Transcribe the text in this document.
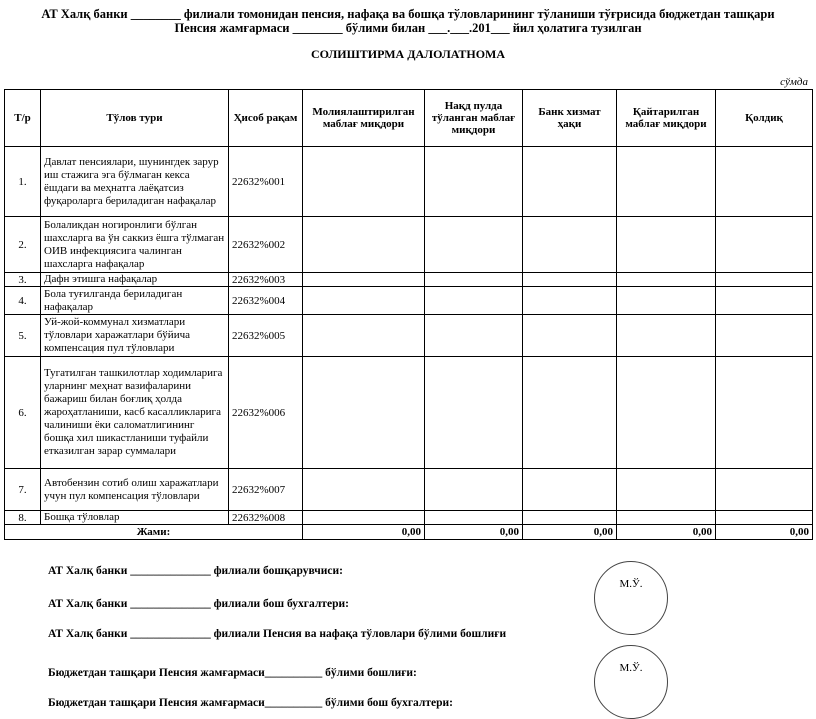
АТ Халқ банки ________ филиали томонидан пенсия, нафақа ва бошқа тўловларининг тўланиши тўғрисида бюджетдан ташқари
Пенсия жамғармаси ________ бўлими билан ___.___.201___ йил ҳолатига тузилган
СОЛИШТИРМА ДАЛОЛАТНОМА
сўмда
Т/р	Тўлов тури	Ҳисоб рақам	Молиялаштирилган маблағ миқдори	Нақд пулда тўланган маблағ миқдори	Банк хизмат ҳақи	Қайтарилган маблағ миқдори	Қолдиқ
1.	Давлат пенсиялари, шунингдек зарур иш стажига эга бўлмаган кекса ёшдаги ва меҳнатга лаёқатсиз фуқароларга бериладиган нафақалар	22632%001					
2.	Болаликдан ногиронлиги бўлган шахсларга ва ўн саккиз ёшга тўлмаган ОИВ инфекциясига чалинган шахсларга нафақалар	22632%002					
3.	Дафн этишга нафақалар	22632%003					
4.	Бола туғилганда бериладиган нафақалар	22632%004					
5.	Уй-жой-коммунал хизматлари тўловлари харажатлари бўйича компенсация пул тўловлари	22632%005					
6.	Тугатилган ташкилотлар ходимларига уларнинг меҳнат вазифаларини бажариш билан боғлиқ ҳолда жароҳатланиши, касб касалликларига чалиниши ёки саломатлигининг бошқа хил шикастланиши туфайли етказилган зарар суммалари	22632%006					
7.	Автобензин сотиб олиш харажатлари учун пул компенсация тўловлари	22632%007					
8.	Бошқа тўловлар	22632%008					
Жами:			0,00	0,00	0,00	0,00	0,00
АТ Халқ банки ______________ филиали бошқарувчиси:
АТ Халқ банки ______________ филиали бош бухгалтери:
АТ Халқ банки ______________ филиали Пенсия ва нафақа тўловлари бўлими бошлиғи
Бюджетдан ташқари Пенсия жамғармаси__________ бўлими бошлиғи:
Бюджетдан ташқари Пенсия жамғармаси__________ бўлими бош бухгалтери:
М.Ў.
М.Ў.
